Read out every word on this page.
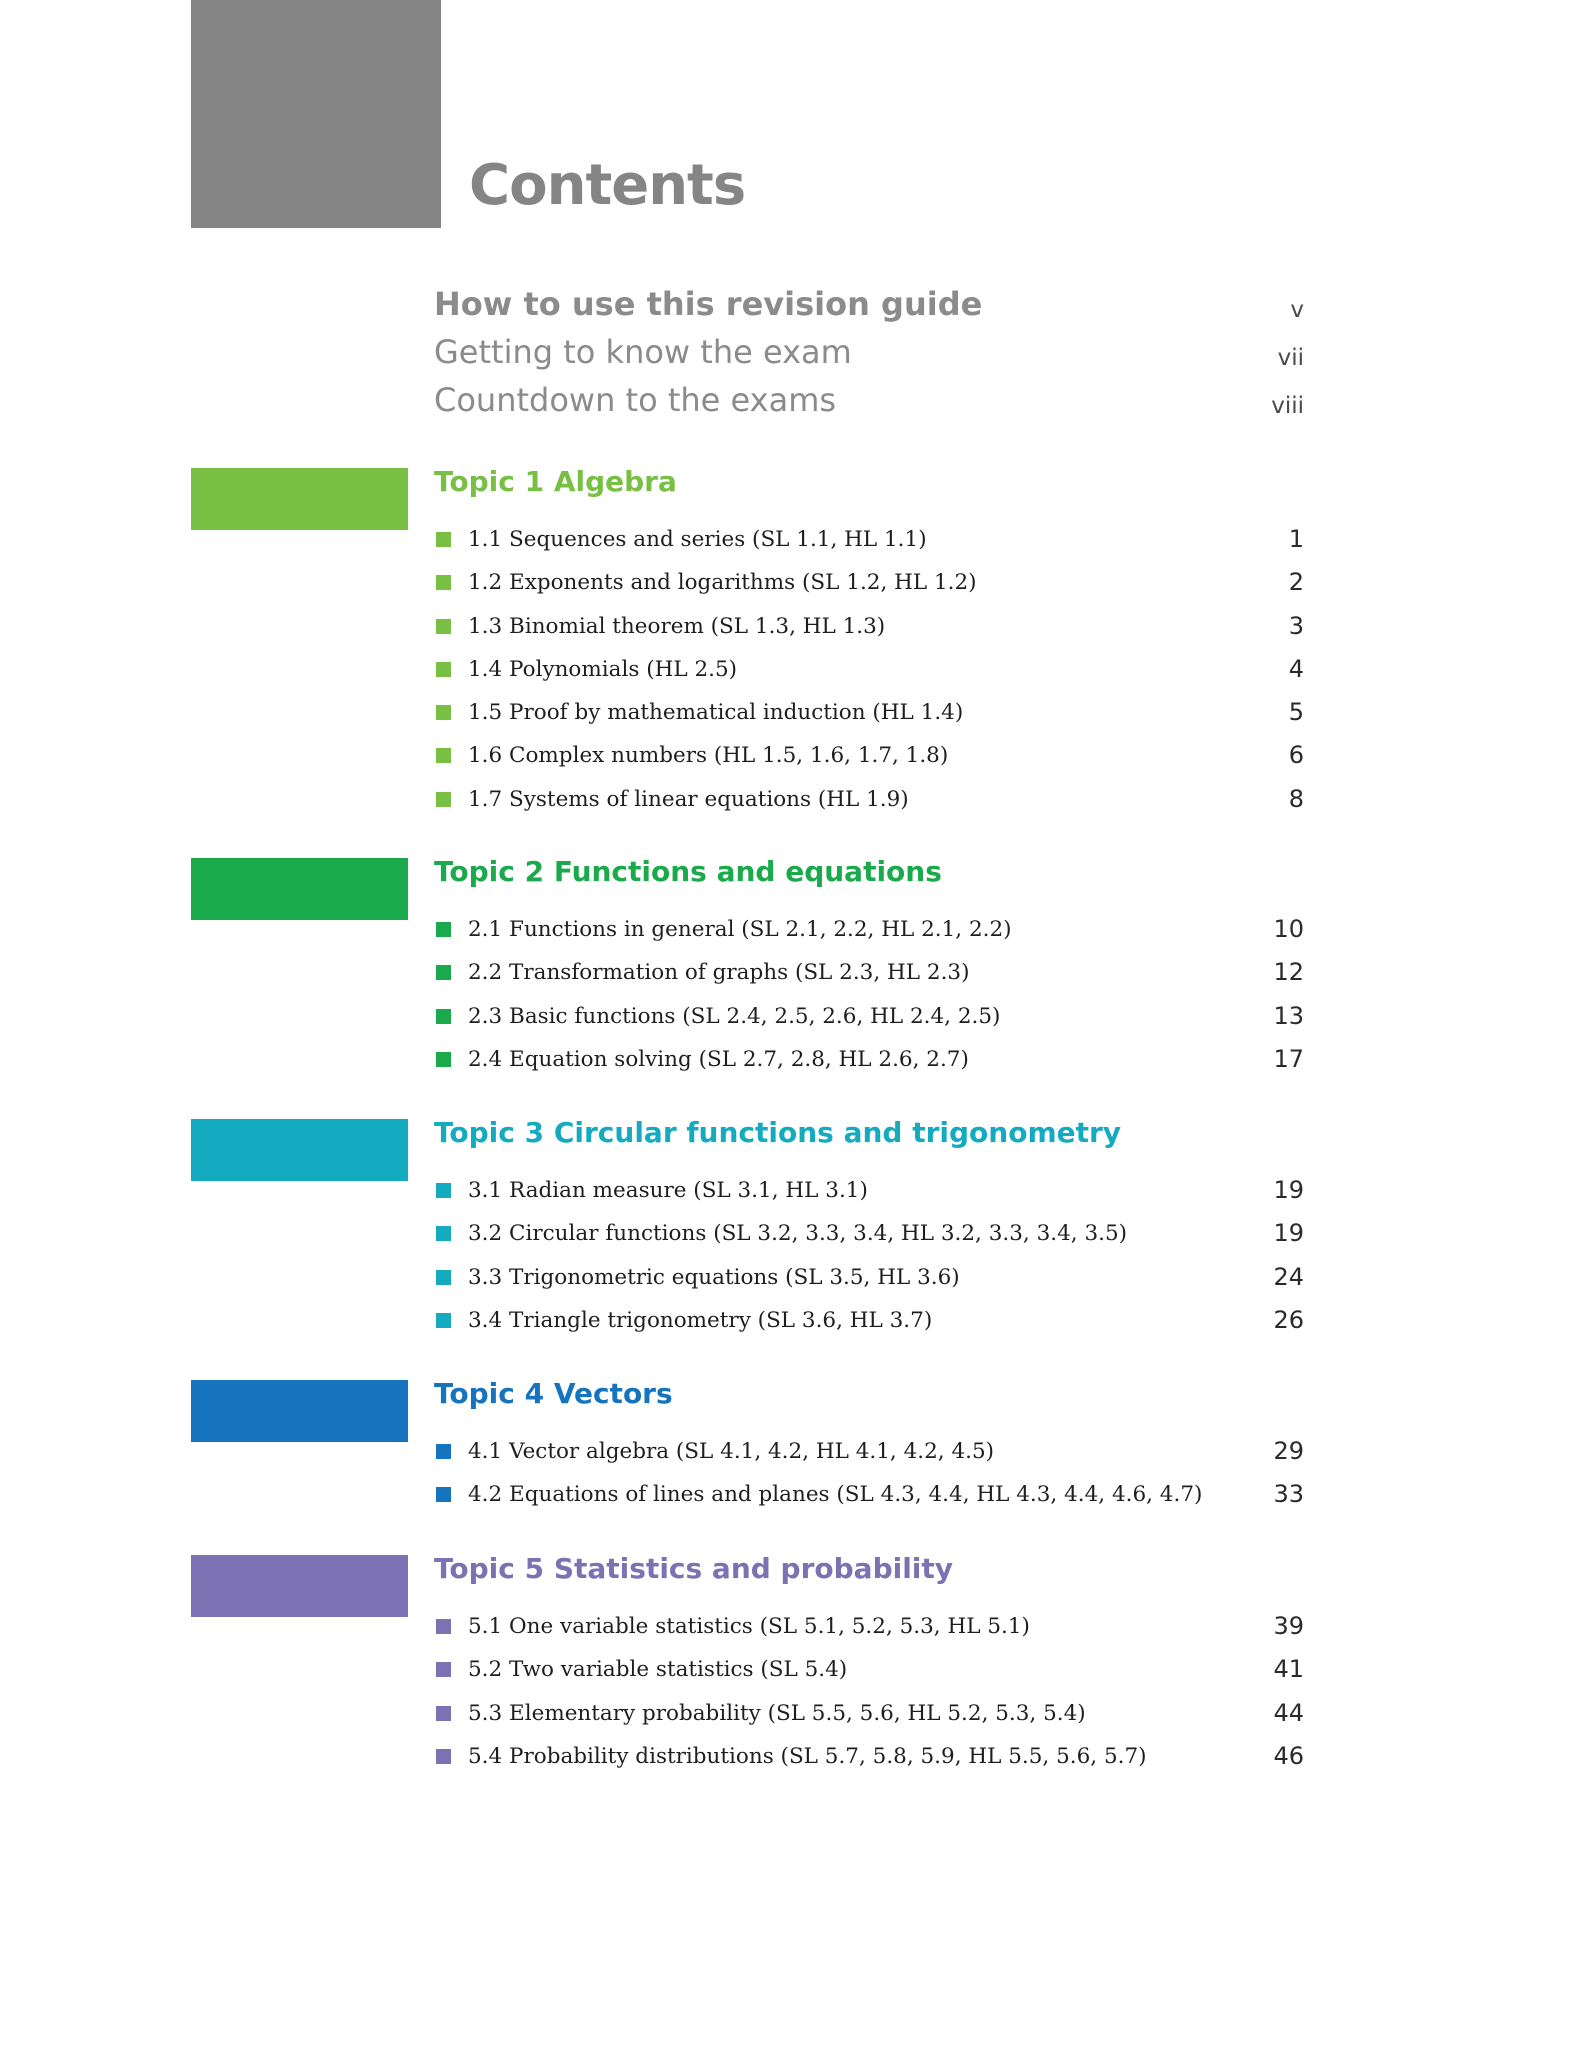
Contents
How to use this revision guide	v
Getting to know the exam	vii
Countdown to the exams	viii
Topic 1 Algebra
1.1 Sequences and series (SL 1.1, HL 1.1)	1
1.2 Exponents and logarithms (SL 1.2, HL 1.2)	2
1.3 Binomial theorem (SL 1.3, HL 1.3)	3
1.4 Polynomials (HL 2.5)	4
1.5 Proof by mathematical induction (HL 1.4)	5
1.6 Complex numbers (HL 1.5, 1.6, 1.7, 1.8)	6
1.7 Systems of linear equations (HL 1.9)	8
Topic 2 Functions and equations
2.1 Functions in general (SL 2.1, 2.2, HL 2.1, 2.2)	10
2.2 Transformation of graphs (SL 2.3, HL 2.3)	12
2.3 Basic functions (SL 2.4, 2.5, 2.6, HL 2.4, 2.5)	13
2.4 Equation solving (SL 2.7, 2.8, HL 2.6, 2.7)	17
Topic 3 Circular functions and trigonometry
3.1 Radian measure (SL 3.1, HL 3.1)	19
3.2 Circular functions (SL 3.2, 3.3, 3.4, HL 3.2, 3.3, 3.4, 3.5)	19
3.3 Trigonometric equations (SL 3.5, HL 3.6)	24
3.4 Triangle trigonometry (SL 3.6, HL 3.7)	26
Topic 4 Vectors
4.1 Vector algebra (SL 4.1, 4.2, HL 4.1, 4.2, 4.5)	29
4.2 Equations of lines and planes (SL 4.3, 4.4, HL 4.3, 4.4, 4.6, 4.7)	33
Topic 5 Statistics and probability
5.1 One variable statistics (SL 5.1, 5.2, 5.3, HL 5.1)	39
5.2 Two variable statistics (SL 5.4)	41
5.3 Elementary probability (SL 5.5, 5.6, HL 5.2, 5.3, 5.4)	44
5.4 Probability distributions (SL 5.7, 5.8, 5.9, HL 5.5, 5.6, 5.7)	46
